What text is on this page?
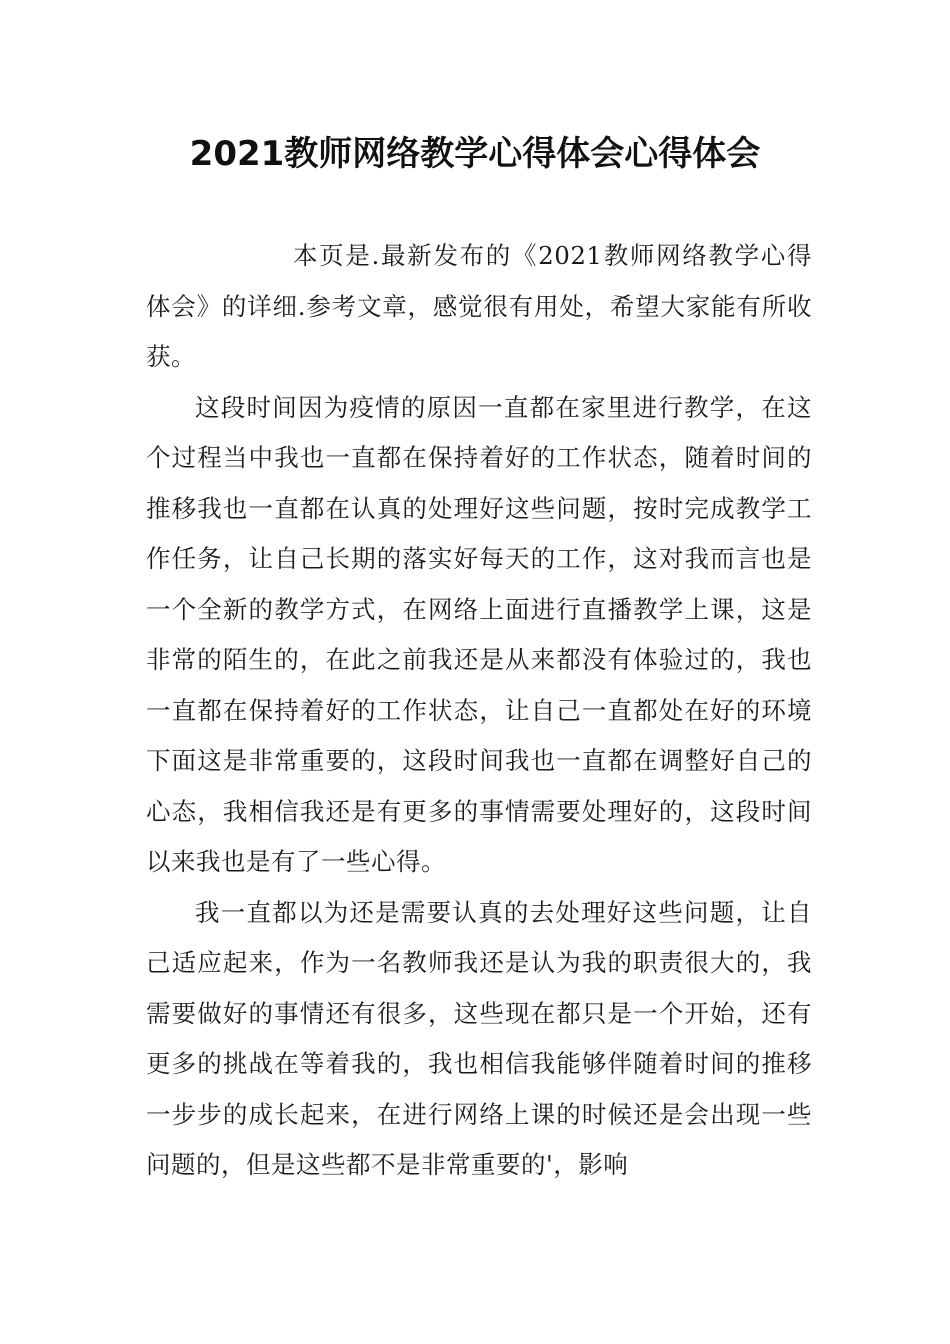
2021教师网络教学心得体会心得体会

本页是.最新发布的《2021教师网络教学心得体会》的详细.参考文章，感觉很有用处，希望大家能有所收获。

这段时间因为疫情的原因一直都在家里进行教学，在这个过程当中我也一直都在保持着好的工作状态，随着时间的推移我也一直都在认真的处理好这些问题，按时完成教学工作任务，让自己长期的落实好每天的工作，这对我而言也是一个全新的教学方式，在网络上面进行直播教学上课，这是非常的陌生的，在此之前我还是从来都没有体验过的，我也一直都在保持着好的工作状态，让自己一直都处在好的环境下面这是非常重要的，这段时间我也一直都在调整好自己的心态，我相信我还是有更多的事情需要处理好的，这段时间以来我也是有了一些心得。

我一直都以为还是需要认真的去处理好这些问题，让自己适应起来，作为一名教师我还是认为我的职责很大的，我需要做好的事情还有很多，这些现在都只是一个开始，还有更多的挑战在等着我的，我也相信我能够伴随着时间的推移一步步的成长起来，在进行网络上课的时候还是会出现一些问题的，但是这些都不是非常重要的'，影响
